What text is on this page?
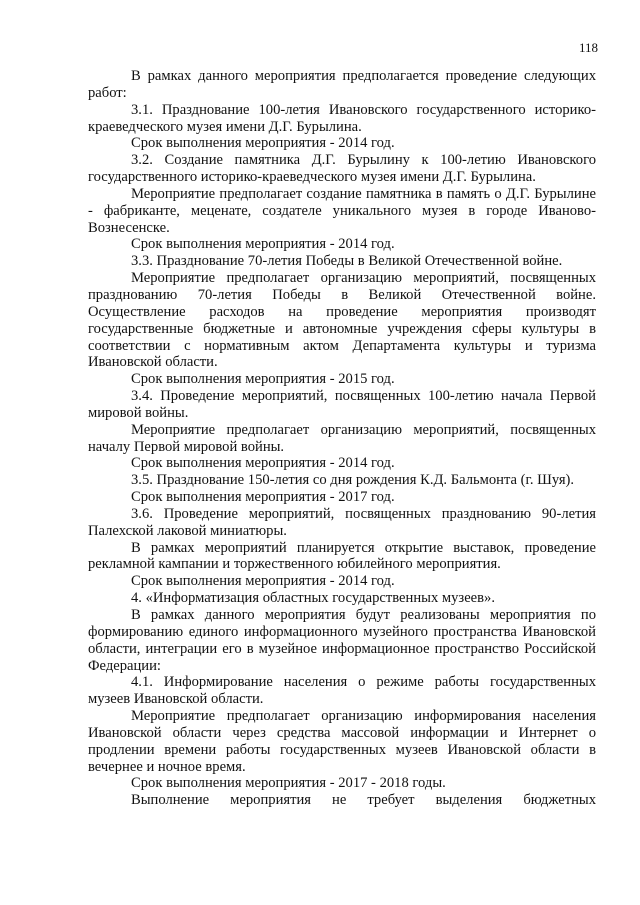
118

В рамках данного мероприятия предполагается проведение следующих работ:

3.1. Празднование 100-летия Ивановского государственного историко-краеведческого музея имени Д.Г. Бурылина.

Срок выполнения мероприятия - 2014 год.

3.2. Создание памятника Д.Г. Бурылину к 100-летию Ивановского государственного историко-краеведческого музея имени Д.Г. Бурылина.

Мероприятие предполагает создание памятника в память о Д.Г. Бурылине - фабриканте, меценате, создателе уникального музея в городе Иваново-Вознесенске.

Срок выполнения мероприятия - 2014 год.

3.3. Празднование 70-летия Победы в Великой Отечественной войне.

Мероприятие предполагает организацию мероприятий, посвященных празднованию 70-летия Победы в Великой Отечественной войне. Осуществление расходов на проведение мероприятия производят государственные бюджетные и автономные учреждения сферы культуры в соответствии с нормативным актом Департамента культуры и туризма Ивановской области.

Срок выполнения мероприятия - 2015 год.

3.4. Проведение мероприятий, посвященных 100-летию начала Первой мировой войны.

Мероприятие предполагает организацию мероприятий, посвященных началу Первой мировой войны.

Срок выполнения мероприятия - 2014 год.

3.5. Празднование 150-летия со дня рождения К.Д. Бальмонта (г. Шуя).

Срок выполнения мероприятия - 2017 год.

3.6. Проведение мероприятий, посвященных празднованию 90-летия Палехской лаковой миниатюры.

В рамках мероприятий планируется открытие выставок, проведение рекламной кампании и торжественного юбилейного мероприятия.

Срок выполнения мероприятия - 2014 год.

4. «Информатизация областных государственных музеев».

В рамках данного мероприятия будут реализованы мероприятия по формированию единого информационного музейного пространства Ивановской области, интеграции его в музейное информационное пространство Российской Федерации:

4.1. Информирование населения о режиме работы государственных музеев Ивановской области.

Мероприятие предполагает организацию информирования населения Ивановской области через средства массовой информации и Интернет о продлении времени работы государственных музеев Ивановской области в вечернее и ночное время.

Срок выполнения мероприятия - 2017 - 2018 годы.

Выполнение мероприятия не требует выделения бюджетных
